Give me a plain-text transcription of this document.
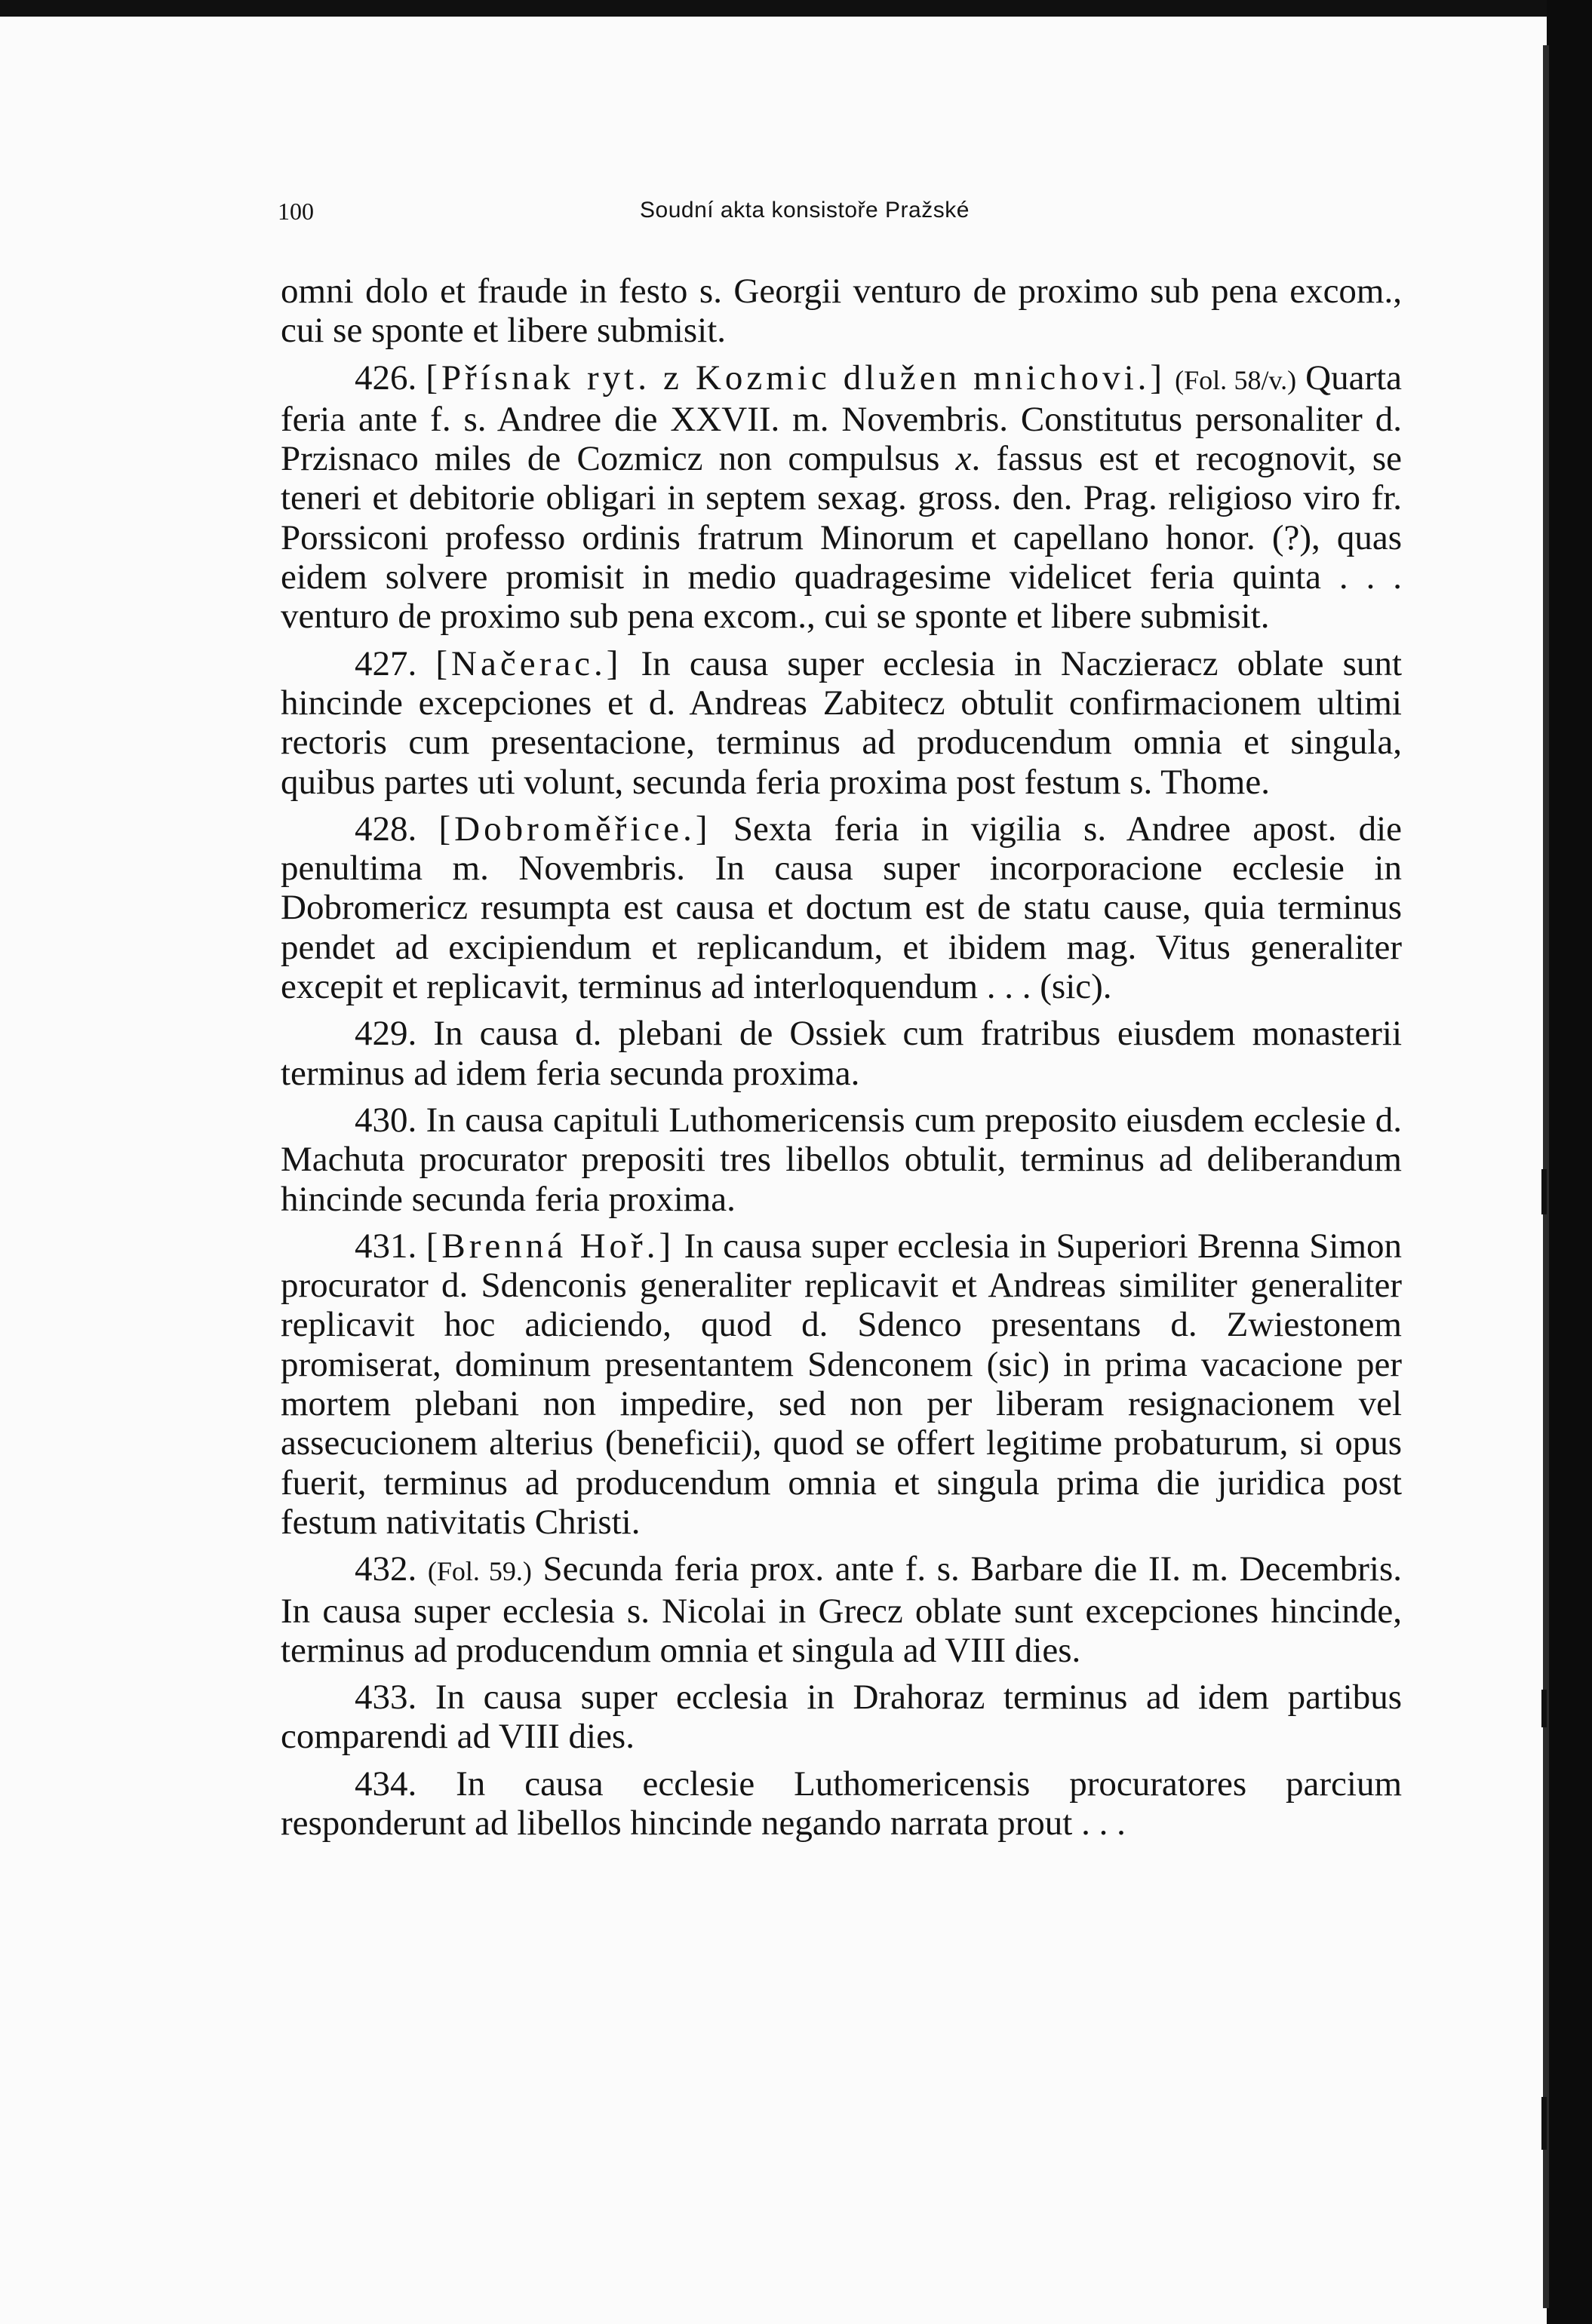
100	Soudní akta konsistoře Pražské

omni dolo et fraude in festo s. Georgii venturo de proximo sub pena excom., cui se sponte et libere submisit.

426. [Přísnak ryt. z Kozmic dlužen mnichovi.] (Fol. 58/v.) Quarta feria ante f. s. Andree die XXVII. m. Novembris. Constitutus personaliter d. Przisnaco miles de Cozmicz non compulsus x. fassus est et recognovit, se teneri et debitorie obligari in septem sexag. gross. den. Prag. religioso viro fr. Porssiconi professo ordinis fratrum Minorum et capellano honor. (?), quas eidem solvere promisit in medio quadragesime videlicet feria quinta . . . venturo de proximo sub pena excom., cui se sponte et libere submisit.

427. [Načerac.] In causa super ecclesia in Naczieracz oblate sunt hincinde excepciones et d. Andreas Zabitecz obtulit confirmacionem ultimi rectoris cum presentacione, terminus ad producendum omnia et singula, quibus partes uti volunt, secunda feria proxima post festum s. Thome.

428. [Dobroměřice.] Sexta feria in vigilia s. Andree apost. die penultima m. Novembris. In causa super incorporacione ecclesie in Dobromericz resumpta est causa et doctum est de statu cause, quia terminus pendet ad excipiendum et replicandum, et ibidem mag. Vitus generaliter excepit et replicavit, terminus ad interloquendum . . . (sic).

429. In causa d. plebani de Ossiek cum fratribus eiusdem monasterii terminus ad idem feria secunda proxima.

430. In causa capituli Luthomericensis cum preposito eiusdem ecclesie d. Machuta procurator prepositi tres libellos obtulit, terminus ad deliberandum hincinde secunda feria proxima.

431. [Brenná Hoř.] In causa super ecclesia in Superiori Brenna Simon procurator d. Sdenconis generaliter replicavit et Andreas similiter generaliter replicavit hoc adiciendo, quod d. Sdenco presentans d. Zwiestonem promiserat, dominum presentantem Sdenconem (sic) in prima vacacione per mortem plebani non impedire, sed non per liberam resignacionem vel assecucionem alterius (beneficii), quod se offert legitime probaturum, si opus fuerit, terminus ad producendum omnia et singula prima die juridica post festum nativitatis Christi.

432. (Fol. 59.) Secunda feria prox. ante f. s. Barbare die II. m. Decembris. In causa super ecclesia s. Nicolai in Grecz oblate sunt excepciones hincinde, terminus ad producendum omnia et singula ad VIII dies.

433. In causa super ecclesia in Drahoraz terminus ad idem partibus comparendi ad VIII dies.

434. In causa ecclesie Luthomericensis procuratores parcium responderunt ad libellos hincinde negando narrata prout . . .
